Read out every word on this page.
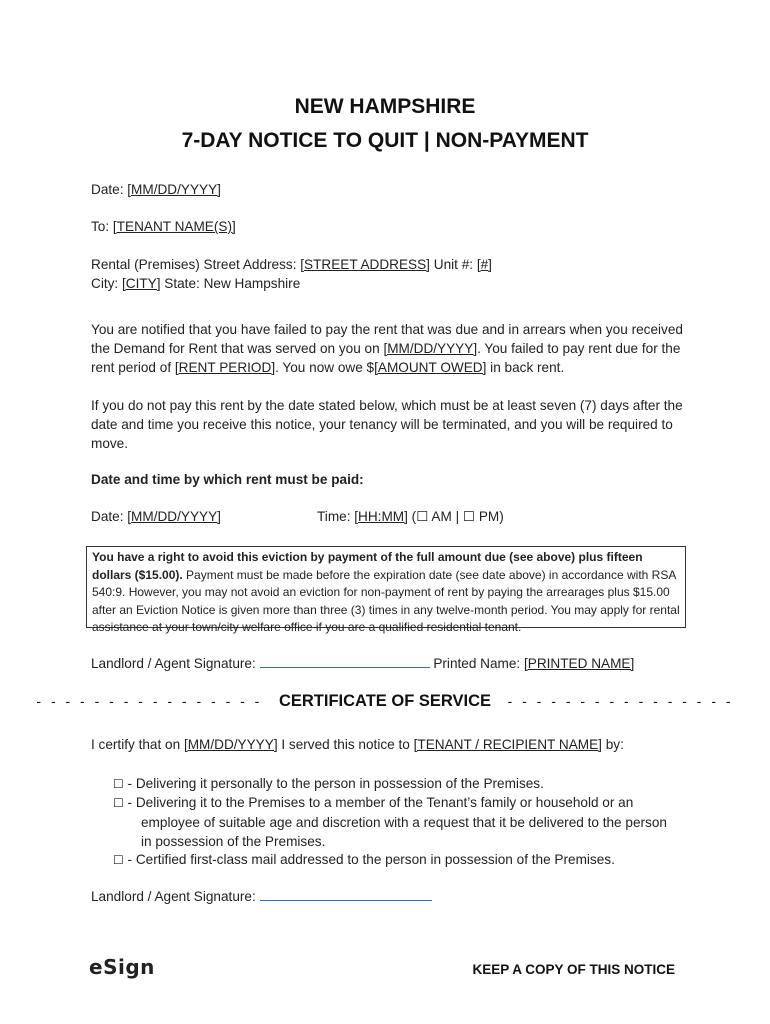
NEW HAMPSHIRE
7-DAY NOTICE TO QUIT | NON-PAYMENT
Date: [MM/DD/YYYY]
To: [TENANT NAME(S)]
Rental (Premises) Street Address: [STREET ADDRESS] Unit #: [#]
City: [CITY] State: New Hampshire
You are notified that you have failed to pay the rent that was due and in arrears when you received the Demand for Rent that was served on you on [MM/DD/YYYY]. You failed to pay rent due for the rent period of [RENT PERIOD]. You now owe $[AMOUNT OWED] in back rent.
If you do not pay this rent by the date stated below, which must be at least seven (7) days after the date and time you receive this notice, your tenancy will be terminated, and you will be required to move.
Date and time by which rent must be paid:
Date: [MM/DD/YYYY]	Time: [HH:MM] (☐ AM | ☐ PM)
You have a right to avoid this eviction by payment of the full amount due (see above) plus fifteen dollars ($15.00). Payment must be made before the expiration date (see date above) in accordance with RSA 540:9. However, you may not avoid an eviction for non-payment of rent by paying the arrearages plus $15.00 after an Eviction Notice is given more than three (3) times in any twelve-month period. You may apply for rental assistance at your town/city welfare office if you are a qualified residential tenant.
Landlord / Agent Signature:	Printed Name: [PRINTED NAME]
- - - - - - - - - - - - - - - - CERTIFICATE OF SERVICE - - - - - - - - - - - - - - - -
I certify that on [MM/DD/YYYY] I served this notice to [TENANT / RECIPIENT NAME] by:
☐ - Delivering it personally to the person in possession of the Premises.
☐ - Delivering it to the Premises to a member of the Tenant’s family or household or an employee of suitable age and discretion with a request that it be delivered to the person in possession of the Premises.
☐ - Certified first-class mail addressed to the person in possession of the Premises.
Landlord / Agent Signature:
eSign	KEEP A COPY OF THIS NOTICE
